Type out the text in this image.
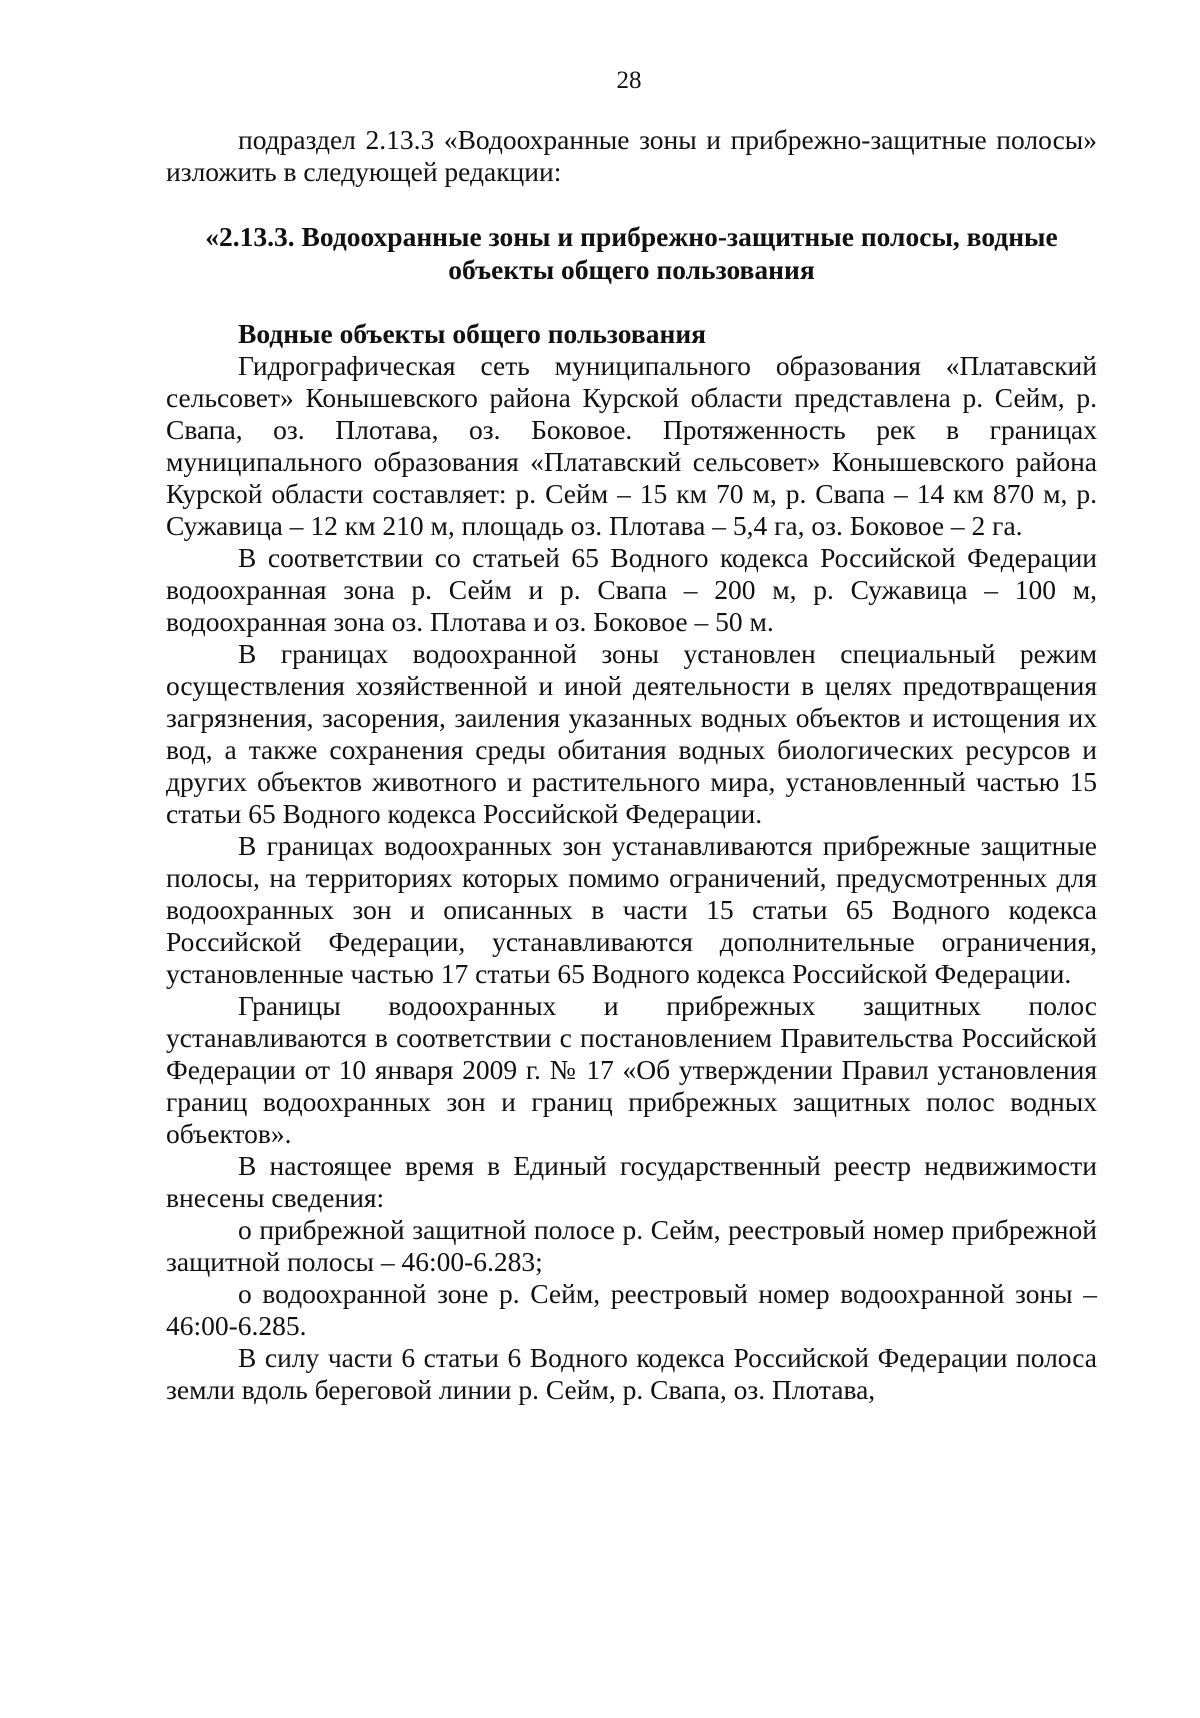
28

подраздел 2.13.3 «Водоохранные зоны и прибрежно-защитные полосы» изложить в следующей редакции:

«2.13.3. Водоохранные зоны и прибрежно-защитные полосы, водные объекты общего пользования

Водные объекты общего пользования

Гидрографическая сеть муниципального образования «Платавский сельсовет» Конышевского района Курской области представлена р. Сейм, р. Свапа, оз. Плотава, оз. Боковое. Протяженность рек в границах муниципального образования «Платавский сельсовет» Конышевского района Курской области составляет: р. Сейм – 15 км 70 м, р. Свапа – 14 км 870 м, р. Сужавица – 12 км 210 м, площадь оз. Плотава – 5,4 га, оз. Боковое – 2 га.

В соответствии со статьей 65 Водного кодекса Российской Федерации водоохранная зона р. Сейм и р. Свапа – 200 м, р. Сужавица – 100 м, водоохранная зона оз. Плотава и оз. Боковое – 50 м.

В границах водоохранной зоны установлен специальный режим осуществления хозяйственной и иной деятельности в целях предотвращения загрязнения, засорения, заиления указанных водных объектов и истощения их вод, а также сохранения среды обитания водных биологических ресурсов и других объектов животного и растительного мира, установленный частью 15 статьи 65 Водного кодекса Российской Федерации.

В границах водоохранных зон устанавливаются прибрежные защитные полосы, на территориях которых помимо ограничений, предусмотренных для водоохранных зон и описанных в части 15 статьи 65 Водного кодекса Российской Федерации, устанавливаются дополнительные ограничения, установленные частью 17 статьи 65 Водного кодекса Российской Федерации.

Границы водоохранных и прибрежных защитных полос устанавливаются в соответствии с постановлением Правительства Российской Федерации от 10 января 2009 г. № 17 «Об утверждении Правил установления границ водоохранных зон и границ прибрежных защитных полос водных объектов».

В настоящее время в Единый государственный реестр недвижимости внесены сведения:

о прибрежной защитной полосе р. Сейм, реестровый номер прибрежной защитной полосы – 46:00-6.283;

о водоохранной зоне р. Сейм, реестровый номер водоохранной зоны – 46:00-6.285.

В силу части 6 статьи 6 Водного кодекса Российской Федерации полоса земли вдоль береговой линии р. Сейм, р. Свапа, оз. Плотава,
